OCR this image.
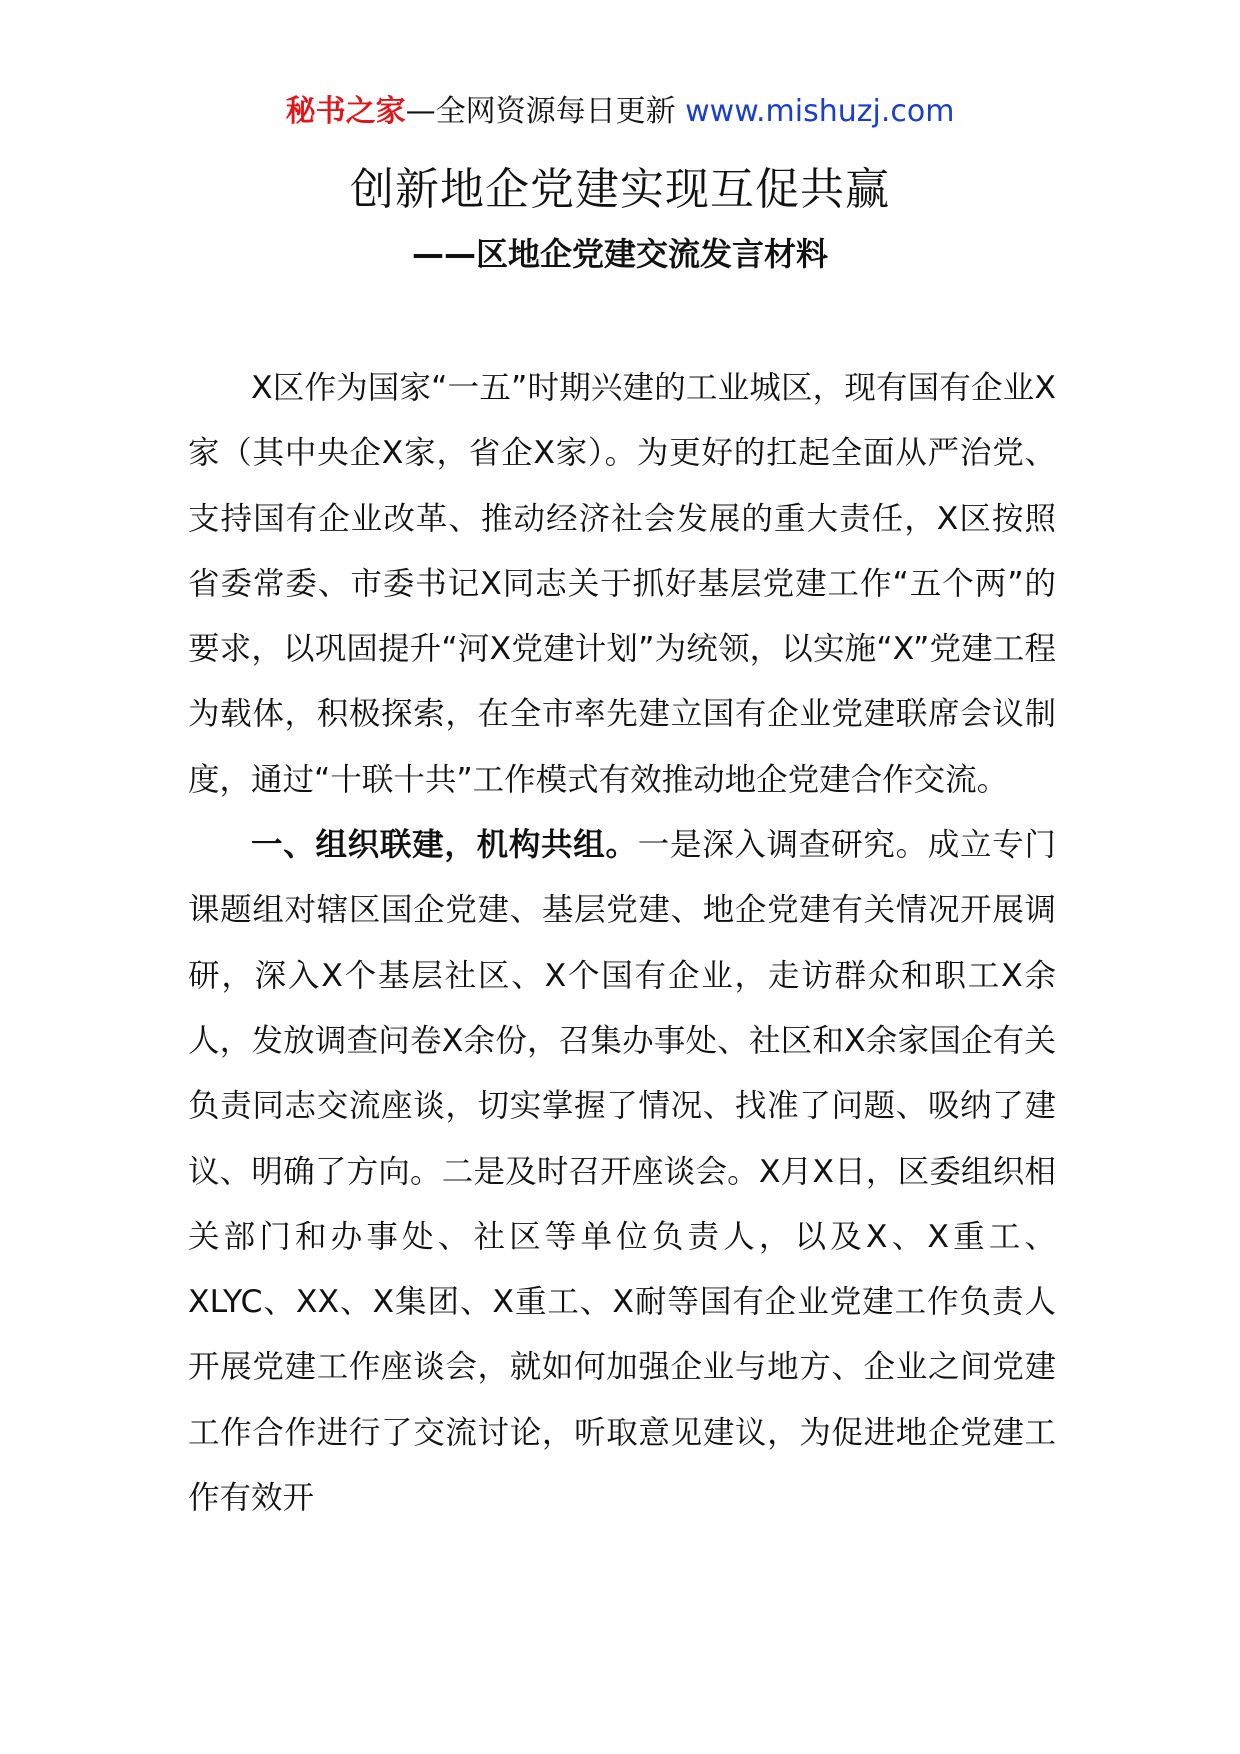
秘书之家—全网资源每日更新 www.mishuzj.com
创新地企党建实现互促共赢
——区地企党建交流发言材料

X区作为国家“一五”时期兴建的工业城区，现有国有企业X家（其中央企X家，省企X家）。为更好的扛起全面从严治党、支持国有企业改革、推动经济社会发展的重大责任，X区按照省委常委、市委书记X同志关于抓好基层党建工作“五个两”的要求，以巩固提升“河X党建计划”为统领，以实施“X”党建工程为载体，积极探索，在全市率先建立国有企业党建联席会议制度，通过“十联十共”工作模式有效推动地企党建合作交流。

一、组织联建，机构共组。一是深入调查研究。成立专门课题组对辖区国企党建、基层党建、地企党建有关情况开展调研，深入X个基层社区、X个国有企业，走访群众和职工X余人，发放调查问卷X余份，召集办事处、社区和X余家国企有关负责同志交流座谈，切实掌握了情况、找准了问题、吸纳了建议、明确了方向。二是及时召开座谈会。X月X日，区委组织相关部门和办事处、社区等单位负责人，以及X、X重工、XLYC、XX、X集团、X重工、X耐等国有企业党建工作负责人开展党建工作座谈会，就如何加强企业与地方、企业之间党建工作合作进行了交流讨论，听取意见建议，为促进地企党建工作有效开
